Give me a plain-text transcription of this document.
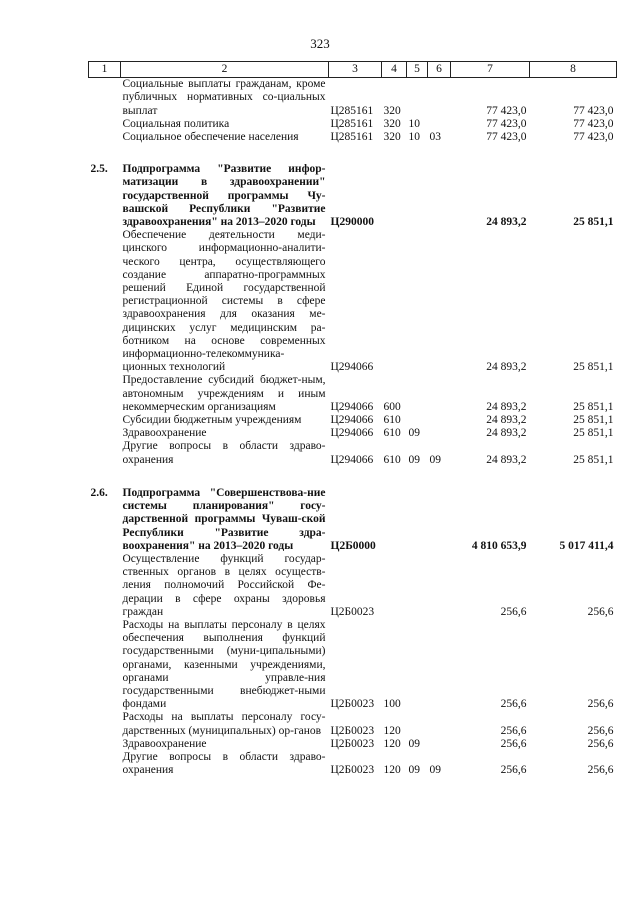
323
1	2	3	4	5	6	7	8
	Социальные выплаты гражданам, кроме публичных нормативных со-циальных выплат	Ц285161	320			77 423,0	77 423,0
	Социальная политика	Ц285161	320	10		77 423,0	77 423,0
	Социальное обеспечение населения	Ц285161	320	10	03	77 423,0	77 423,0

2.5.	Подпрограмма "Развитие инфор-матизации в здравоохранении" государственной программы Чу-вашской Республики "Развитие здравоохранения" на 2013–2020 годы	Ц290000				24 893,2	25 851,1
	Обеспечение деятельности меди-цинского информационно-аналити-ческого центра, осуществляющего создание аппаратно-программных решений Единой государственной регистрационной системы в сфере здравоохранения для оказания ме-дицинских услуг медицинским ра-ботником на основе современных информационно-телекоммуника-ционных технологий	Ц294066				24 893,2	25 851,1
	Предоставление субсидий бюджет-ным, автономным учреждениям и иным некоммерческим организациям	Ц294066	600			24 893,2	25 851,1
	Субсидии бюджетным учреждениям	Ц294066	610			24 893,2	25 851,1
	Здравоохранение	Ц294066	610	09		24 893,2	25 851,1
	Другие вопросы в области здраво-охранения	Ц294066	610	09	09	24 893,2	25 851,1

2.6.	Подпрограмма "Совершенствова-ние системы планирования" госу-дарственной программы Чуваш-ской Республики "Развитие здра-воохранения" на 2013–2020 годы	Ц2Б0000				4 810 653,9	5 017 411,4
	Осуществление функций государ-ственных органов в целях осуществ-ления полномочий Российской Фе-дерации в сфере охраны здоровья граждан	Ц2Б0023				256,6	256,6
	Расходы на выплаты персоналу в целях обеспечения выполнения функций государственными (муни-ципальными) органами, казенными учреждениями, органами управле-ния государственными внебюджет-ными фондами	Ц2Б0023	100			256,6	256,6
	Расходы на выплаты персоналу госу-дарственных (муниципальных) ор-ганов	Ц2Б0023	120			256,6	256,6
	Здравоохранение	Ц2Б0023	120	09		256,6	256,6
	Другие вопросы в области здраво-охранения	Ц2Б0023	120	09	09	256,6	256,6
